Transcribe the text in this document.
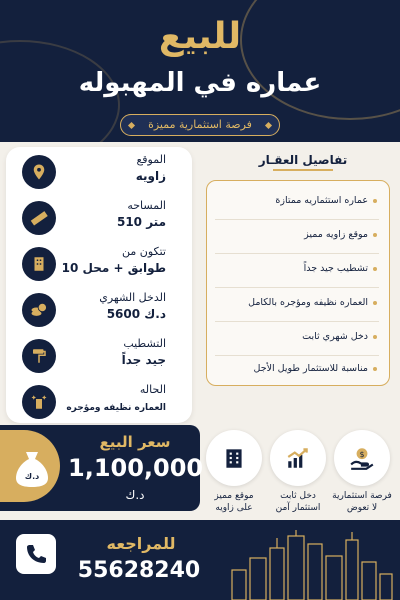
للبيع
عماره في المهبوله
فرصة استثمارية مميزة
الموقع
زاويه
المساحه
510 متر
تتكون من
10 طوابق + محل
الدخل الشهري
5600 د.ك
التشطيب
جيد جداً
الحاله
العماره نظيفه ومؤجره
تفاصيل العقـار
عماره استثماريه ممتازة
موقع زاويه مميز
تشطيب جيد جداً
العماره نظيفه ومؤجره بالكامل
دخل شهري ثابت
مناسبة للاستثمار طويل الأجل
د.ك
سعر البيع
1,100,000
د.ك	موقع مميز
على زاويه
دخل ثابت
استثمار آمن
$
فرصة استثمارية
لا تعوض
للمراجعه
55628240
